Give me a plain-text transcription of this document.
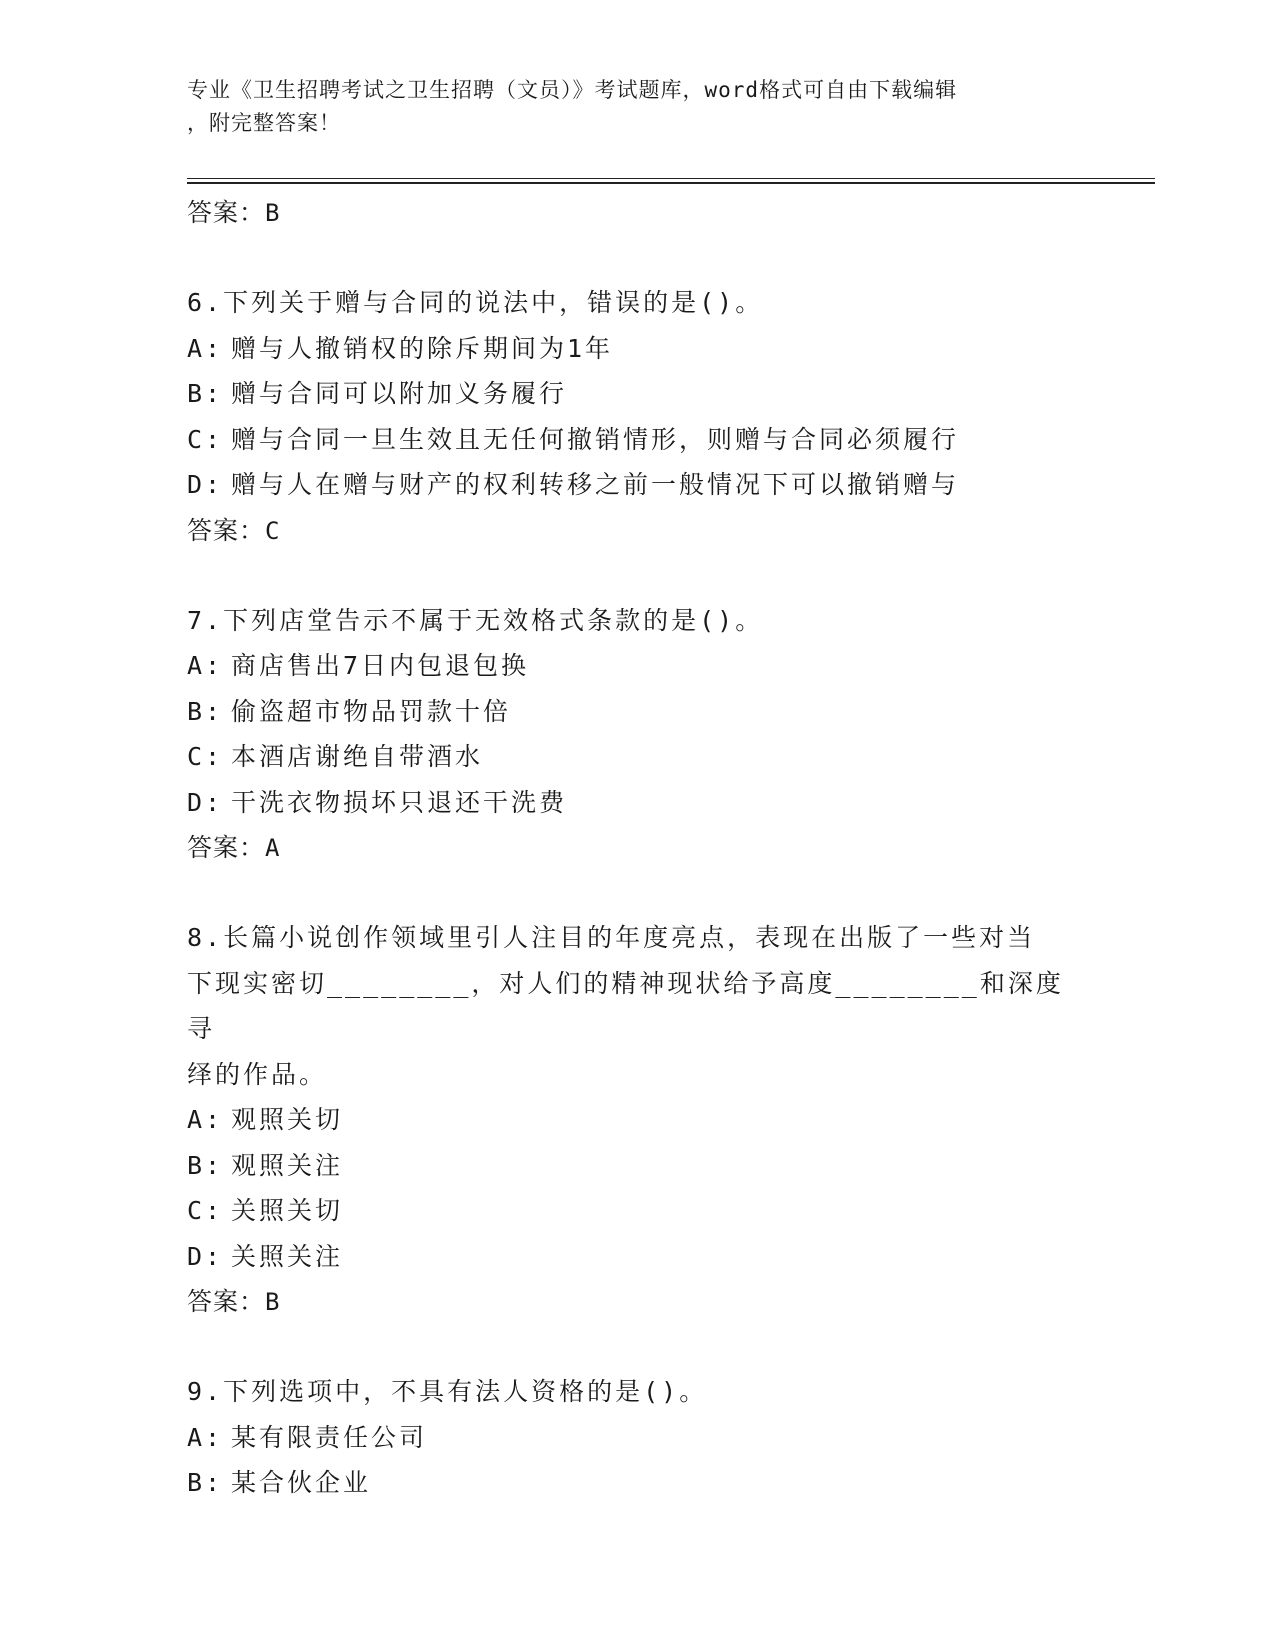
专业《卫生招聘考试之卫生招聘（文员）》考试题库，word格式可自由下载编辑
，附完整答案！
答案：B
6.下列关于赠与合同的说法中，错误的是()。
A: 赠与人撤销权的除斥期间为1年
B: 赠与合同可以附加义务履行
C: 赠与合同一旦生效且无任何撤销情形，则赠与合同必须履行
D: 赠与人在赠与财产的权利转移之前一般情况下可以撤销赠与
答案：C
7.下列店堂告示不属于无效格式条款的是()。
A: 商店售出7日内包退包换
B: 偷盗超市物品罚款十倍
C: 本酒店谢绝自带酒水
D: 干洗衣物损坏只退还干洗费
答案：A
8.长篇小说创作领域里引人注目的年度亮点，表现在出版了一些对当
下现实密切________，对人们的精神现状给予高度________和深度寻
绎的作品。
A: 观照关切
B: 观照关注
C: 关照关切
D: 关照关注
答案：B
9.下列选项中，不具有法人资格的是()。
A: 某有限责任公司
B: 某合伙企业
